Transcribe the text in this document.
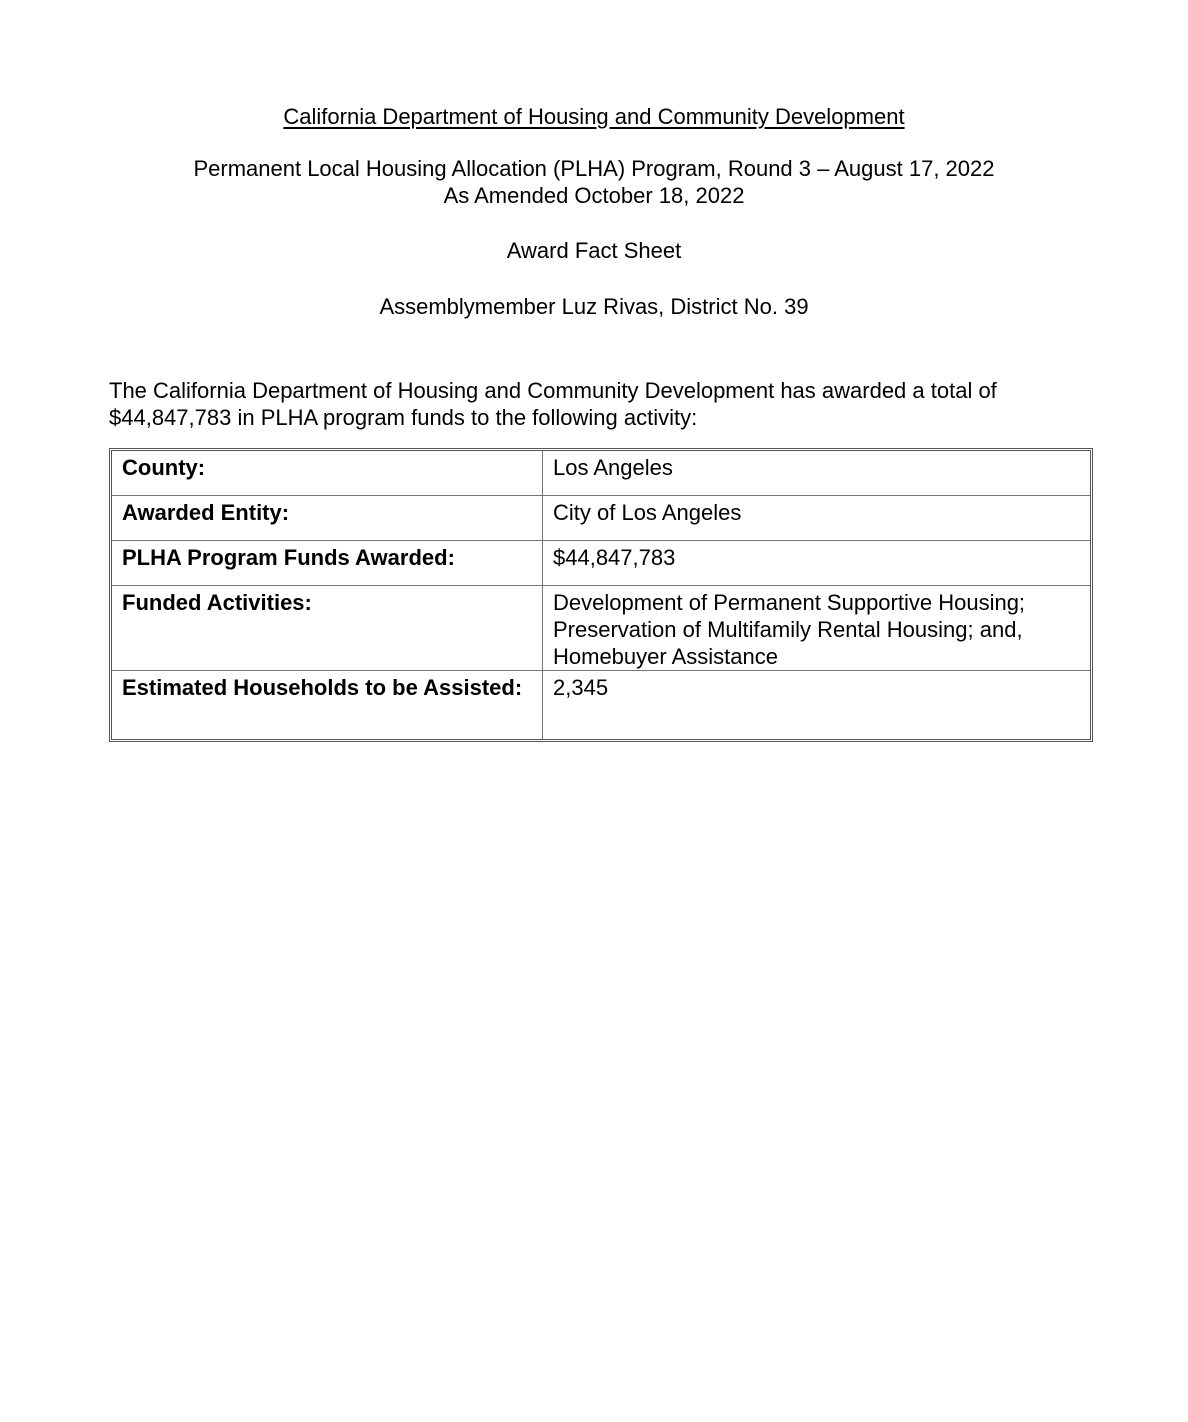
California Department of Housing and Community Development
Permanent Local Housing Allocation (PLHA) Program, Round 3 – August 17, 2022
As Amended October 18, 2022
Award Fact Sheet
Assemblymember Luz Rivas, District No. 39

The California Department of Housing and Community Development has awarded a total of $44,847,783 in PLHA program funds to the following activity:

County:	Los Angeles
Awarded Entity:	City of Los Angeles
PLHA Program Funds Awarded:	$44,847,783
Funded Activities:	Development of Permanent Supportive Housing; Preservation of Multifamily Rental Housing; and, Homebuyer Assistance
Estimated Households to be Assisted:	2,345
